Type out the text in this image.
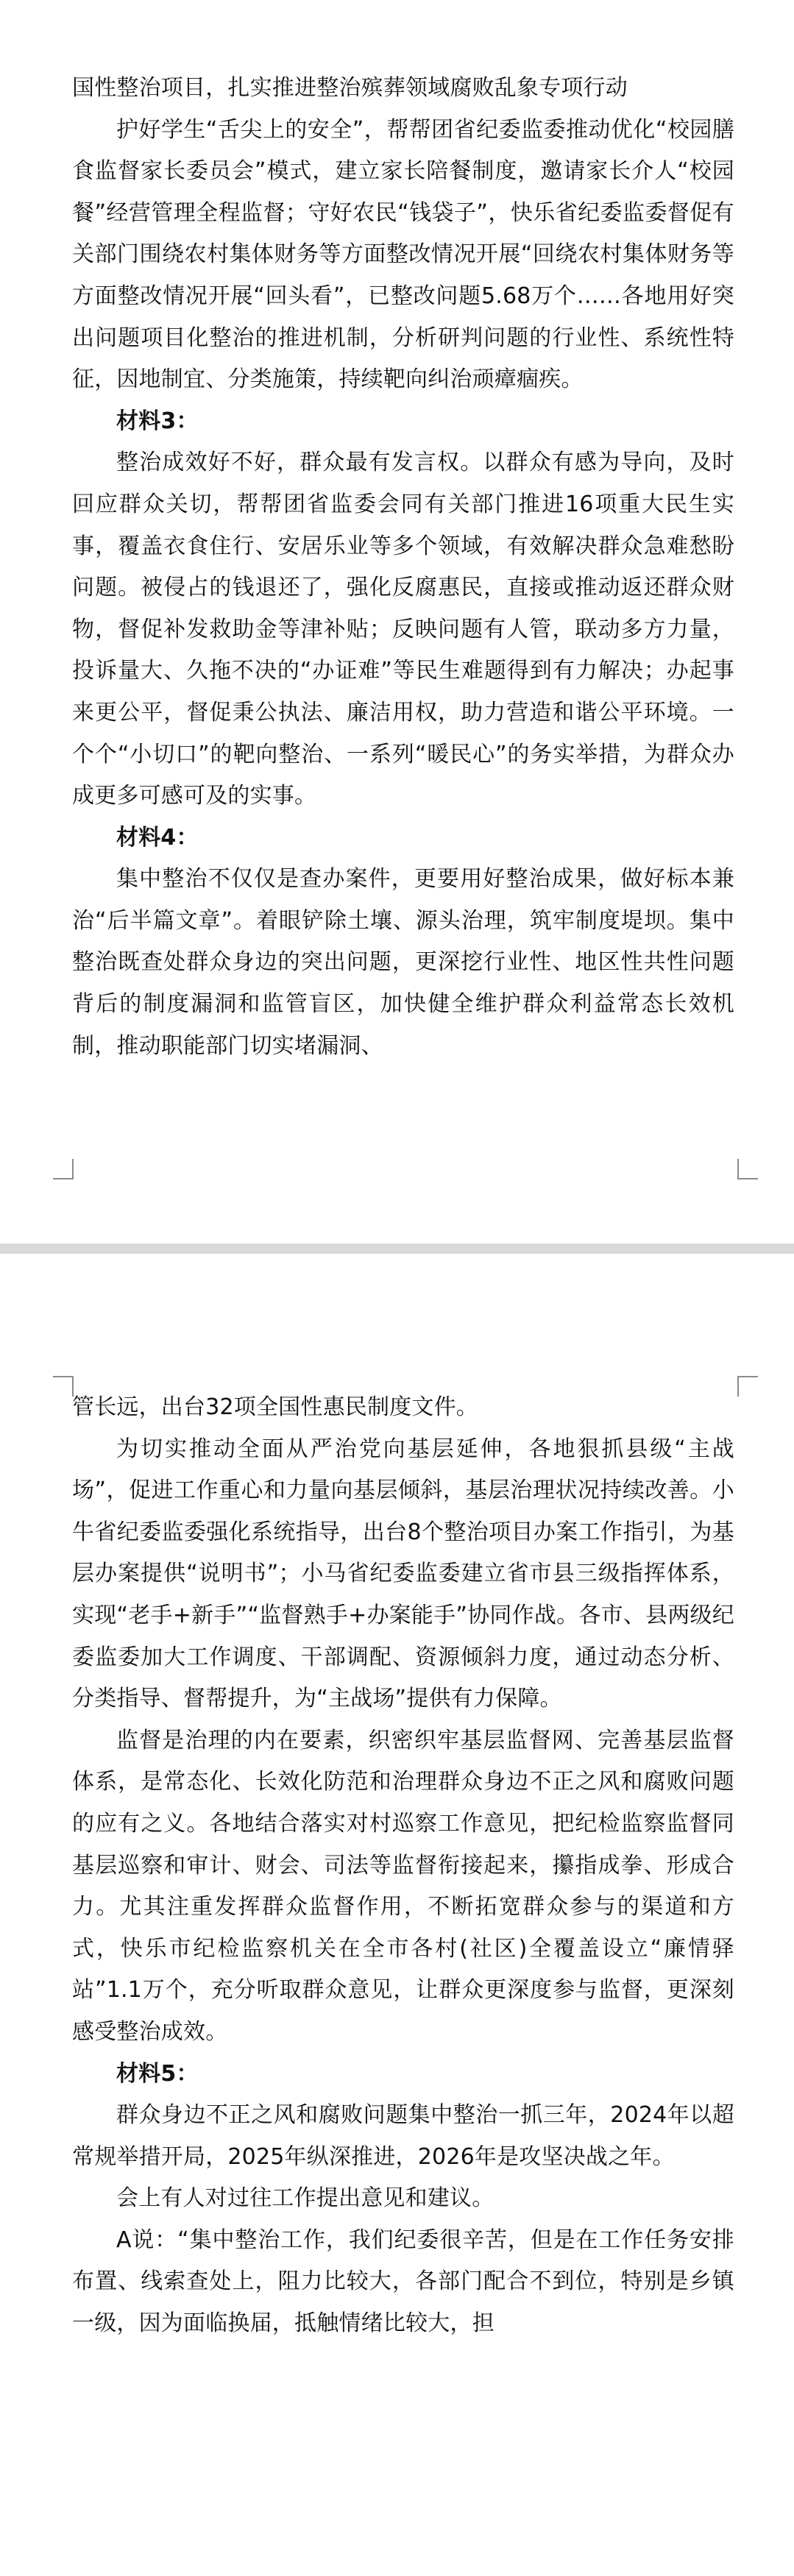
国性整治项目，扎实推进整治殡葬领域腐败乱象专项行动

护好学生“舌尖上的安全”，帮帮团省纪委监委推动优化“校园膳食监督家长委员会”模式，建立家长陪餐制度，邀请家长介人“校园餐”经营管理全程监督；守好农民“钱袋子”，快乐省纪委监委督促有关部门围绕农村集体财务等方面整改情况开展“回绕农村集体财务等方面整改情况开展“回头看”，已整改问题5.68万个……各地用好突出问题项目化整治的推进机制，分析研判问题的行业性、系统性特征，因地制宜、分类施策，持续靶向纠治顽瘴痼疾。

材料3：

整治成效好不好，群众最有发言权。以群众有感为导向，及时回应群众关切，帮帮团省监委会同有关部门推进16项重大民生实事，覆盖衣食住行、安居乐业等多个领域，有效解决群众急难愁盼问题。被侵占的钱退还了，强化反腐惠民，直接或推动返还群众财物，督促补发救助金等津补贴；反映问题有人管，联动多方力量，投诉量大、久拖不决的“办证难”等民生难题得到有力解决；办起事来更公平，督促秉公执法、廉洁用权，助力营造和谐公平环境。一个个“小切口”的靶向整治、一系列“暖民心”的务实举措，为群众办成更多可感可及的实事。

材料4：

集中整治不仅仅是查办案件，更要用好整治成果，做好标本兼治“后半篇文章”。着眼铲除土壤、源头治理，筑牢制度堤坝。集中整治既查处群众身边的突出问题，更深挖行业性、地区性共性问题背后的制度漏洞和监管盲区，加快健全维护群众利益常态长效机制，推动职能部门切实堵漏洞、

管长远，出台32项全国性惠民制度文件。

为切实推动全面从严治党向基层延伸，各地狠抓县级“主战场”，促进工作重心和力量向基层倾斜，基层治理状况持续改善。小牛省纪委监委强化系统指导，出台8个整治项目办案工作指引，为基层办案提供“说明书”；小马省纪委监委建立省市县三级指挥体系，实现“老手+新手”“监督熟手+办案能手”协同作战。各市、县两级纪委监委加大工作调度、干部调配、资源倾斜力度，通过动态分析、分类指导、督帮提升，为“主战场”提供有力保障。

监督是治理的内在要素，织密织牢基层监督网、完善基层监督体系，是常态化、长效化防范和治理群众身边不正之风和腐败问题的应有之义。各地结合落实对村巡察工作意见，把纪检监察监督同基层巡察和审计、财会、司法等监督衔接起来，攥指成拳、形成合力。尤其注重发挥群众监督作用，不断拓宽群众参与的渠道和方式，快乐市纪检监察机关在全市各村(社区)全覆盖设立“廉情驿站”1.1万个，充分听取群众意见，让群众更深度参与监督，更深刻感受整治成效。

材料5：

群众身边不正之风和腐败问题集中整治一抓三年，2024年以超常规举措开局，2025年纵深推进，2026年是攻坚决战之年。

会上有人对过往工作提出意见和建议。

A说：“集中整治工作，我们纪委很辛苦，但是在工作任务安排布置、线索查处上，阻力比较大，各部门配合不到位，特别是乡镇一级，因为面临换届，抵触情绪比较大，担
